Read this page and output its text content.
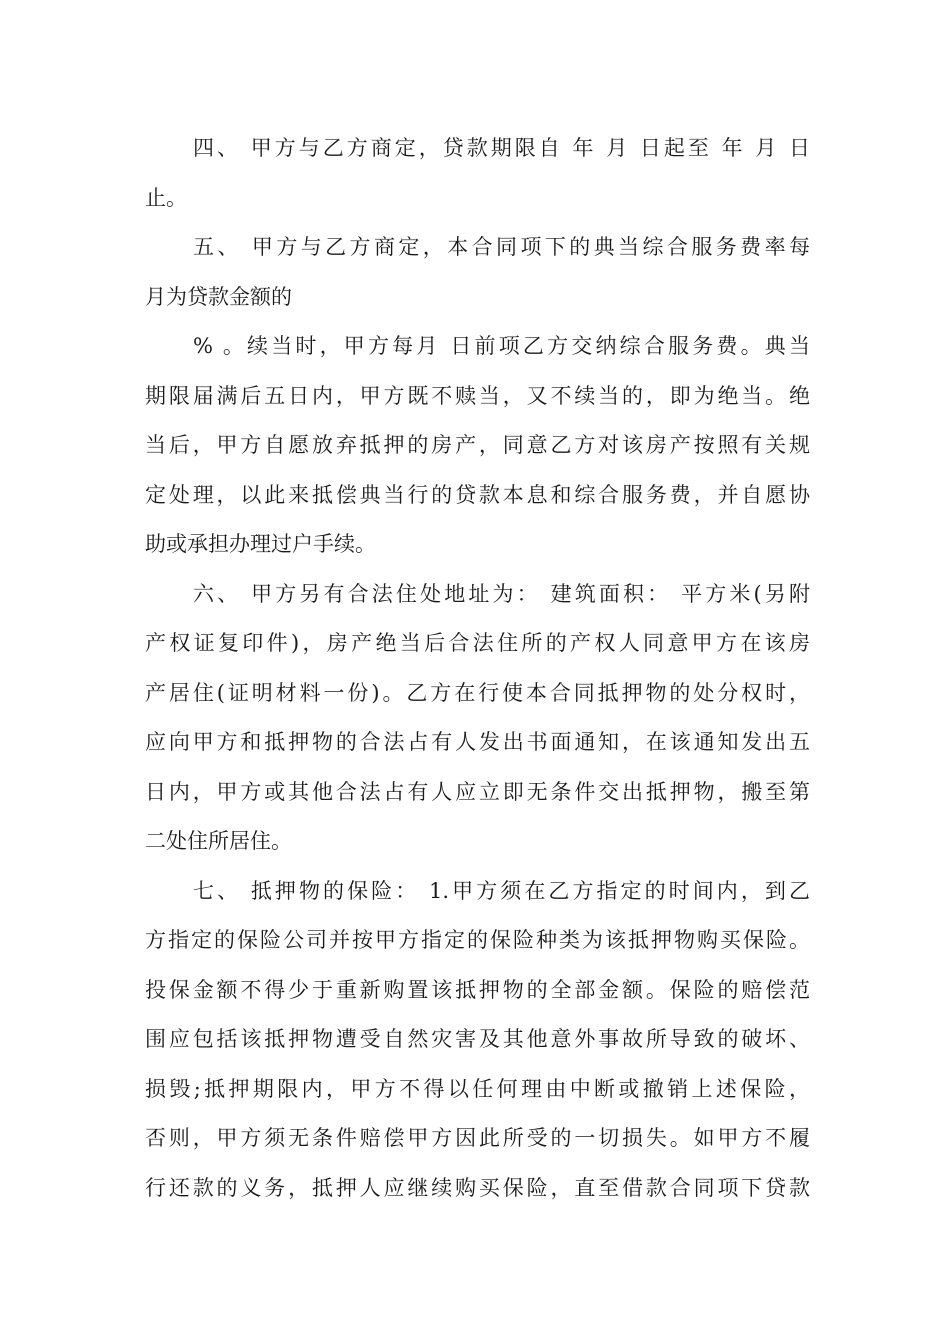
四、 甲方与乙方商定，贷款期限自 年 月 日起至 年 月 日
止。
五、 甲方与乙方商定，本合同项下的典当综合服务费率每
月为贷款金额的
% 。续当时，甲方每月 日前项乙方交纳综合服务费。典当
期限届满后五日内，甲方既不赎当，又不续当的，即为绝当。绝
当后，甲方自愿放弃抵押的房产，同意乙方对该房产按照有关规
定处理，以此来抵偿典当行的贷款本息和综合服务费，并自愿协
助或承担办理过户手续。
六、 甲方另有合法住处地址为： 建筑面积： 平方米(另附
产权证复印件)，房产绝当后合法住所的产权人同意甲方在该房
产居住(证明材料一份)。乙方在行使本合同抵押物的处分权时，
应向甲方和抵押物的合法占有人发出书面通知，在该通知发出五
日内，甲方或其他合法占有人应立即无条件交出抵押物，搬至第
二处住所居住。
七、 抵押物的保险： 1.甲方须在乙方指定的时间内，到乙
方指定的保险公司并按甲方指定的保险种类为该抵押物购买保险。
投保金额不得少于重新购置该抵押物的全部金额。保险的赔偿范
围应包括该抵押物遭受自然灾害及其他意外事故所导致的破坏、
损毁;抵押期限内，甲方不得以任何理由中断或撤销上述保险，
否则，甲方须无条件赔偿甲方因此所受的一切损失。如甲方不履
行还款的义务，抵押人应继续购买保险，直至借款合同项下贷款
